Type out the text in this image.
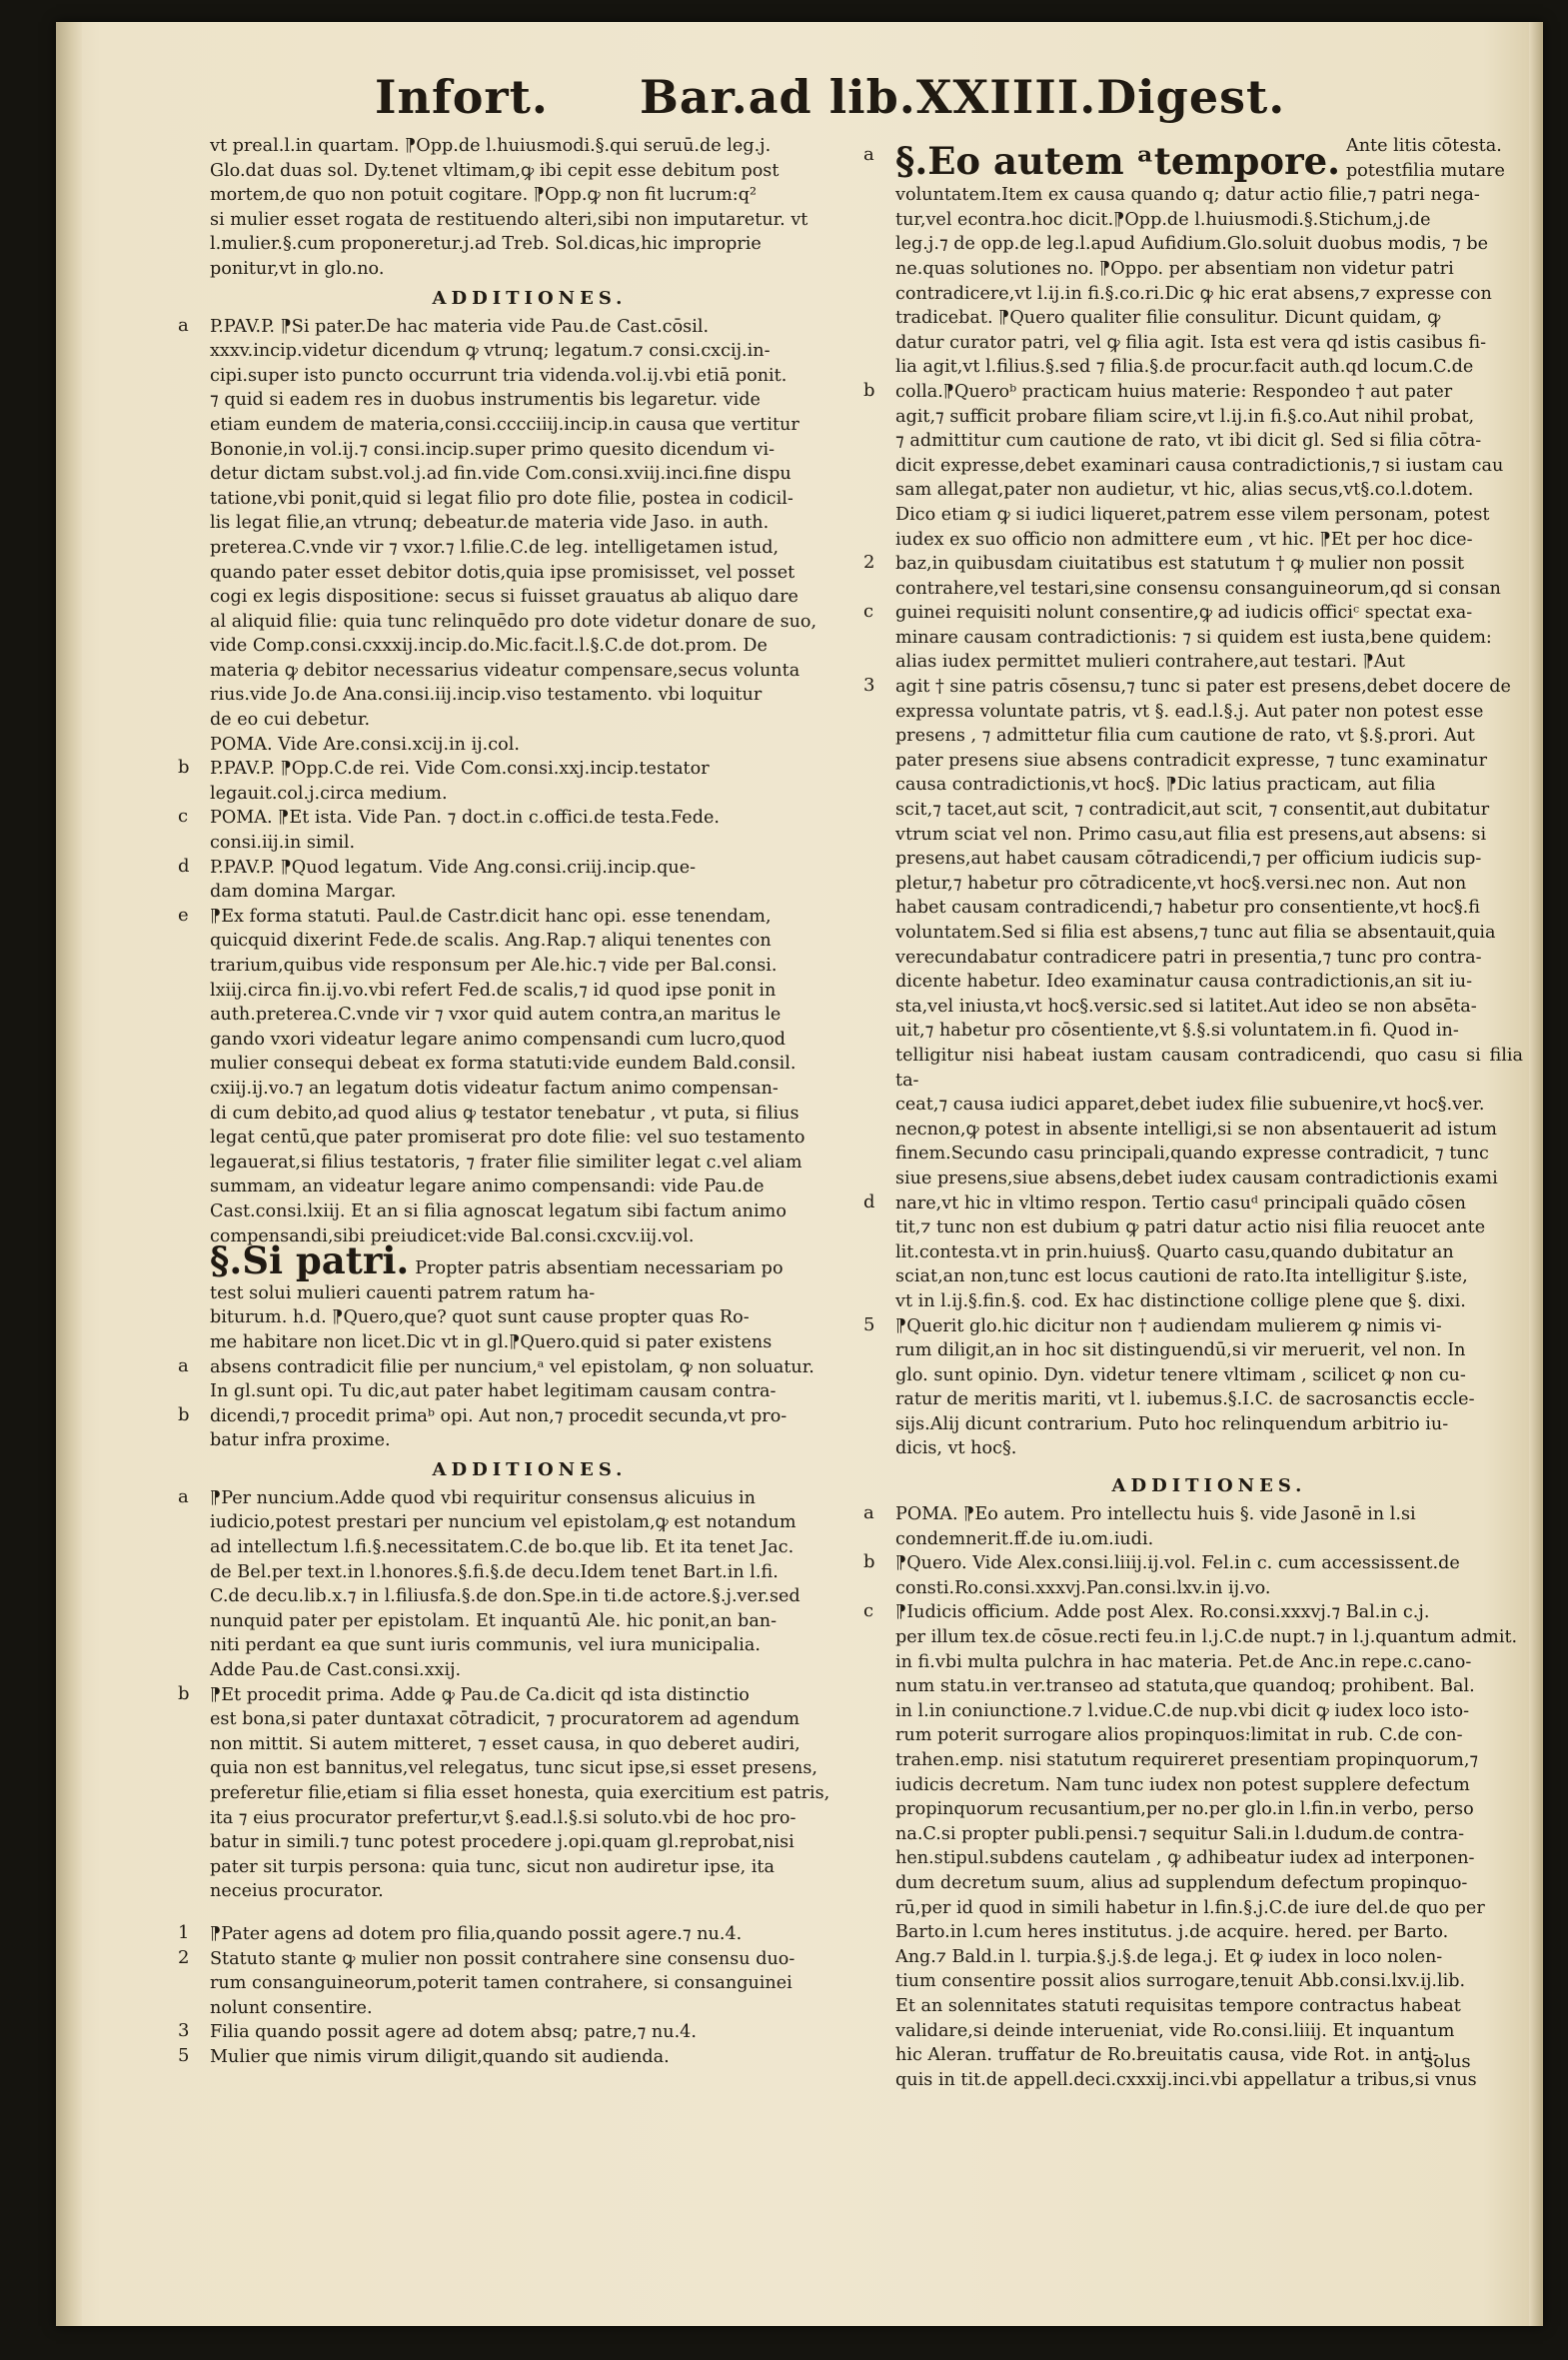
Infort. Bar.ad lib.XXIIII.Digest.

vt preal.l.in quartam. ⁋Opp.de l.huiusmodi.§.qui seruū.de leg.j.

Glo.dat duas sol. Dy.tenet vltimam,ꝙ ibi cepit esse debitum post

mortem,de quo non potuit cogitare. ⁋Opp.ꝙ non fit lucrum:q²

si mulier esset rogata de restituendo alteri,sibi non imputaretur. vt

l.mulier.§.cum proponeretur.j.ad Treb. Sol.dicas,hic improprie

ponitur,vt in glo.no.

ADDITIONES.
a P.PAV.P. ⁋Si pater.De hac materia vide Pau.de Cast.cōsil.

xxxv.incip.videtur dicendum ꝙ vtrunq; legatum.⁊ consi.cxcij.in-

cipi.super isto puncto occurrunt tria videnda.vol.ij.vbi etiā ponit.

⁊ quid si eadem res in duobus instrumentis bis legaretur. vide

etiam eundem de materia,consi.cccciiij.incip.in causa que vertitur

Bononie,in vol.ij.⁊ consi.incip.super primo quesito dicendum vi-

detur dictam subst.vol.j.ad fin.vide Com.consi.xviij.inci.fine dispu

tatione,vbi ponit,quid si legat filio pro dote filie, postea in codicil-

lis legat filie,an vtrunq; debeatur.de materia vide Jaso. in auth.

preterea.C.vnde vir ⁊ vxor.⁊ l.filie.C.de leg. intelligetamen istud,

quando pater esset debitor dotis,quia ipse promisisset, vel posset

cogi ex legis dispositione: secus si fuisset grauatus ab aliquo dare

al aliquid filie: quia tunc relinquēdo pro dote videtur donare de suo,

vide Comp.consi.cxxxij.incip.do.Mic.facit.l.§.C.de dot.prom. De

materia ꝙ debitor necessarius videatur compensare,secus volunta

rius.vide Jo.de Ana.consi.iij.incip.viso testamento. vbi loquitur

de eo cui debetur.

POMA. Vide Are.consi.xcij.in ij.col.

b P.PAV.P. ⁋Opp.C.de rei. Vide Com.consi.xxj.incip.testator

legauit.col.j.circa medium.

c POMA. ⁋Et ista. Vide Pan. ⁊ doct.in c.offici.de testa.Fede.

consi.iij.in simil.

d P.PAV.P. ⁋Quod legatum. Vide Ang.consi.criij.incip.que-

dam domina Margar.

e ⁋Ex forma statuti. Paul.de Castr.dicit hanc opi. esse tenendam,

quicquid dixerint Fede.de scalis. Ang.Rap.⁊ aliqui tenentes con

trarium,quibus vide responsum per Ale.hic.⁊ vide per Bal.consi.

lxiij.circa fin.ij.vo.vbi refert Fed.de scalis,⁊ id quod ipse ponit in

auth.preterea.C.vnde vir ⁊ vxor quid autem contra,an maritus le

gando vxori videatur legare animo compensandi cum lucro,quod

mulier consequi debeat ex forma statuti:vide eundem Bald.consil.

cxiij.ij.vo.⁊ an legatum dotis videatur factum animo compensan-

di cum debito,ad quod alius ꝙ testator tenebatur , vt puta, si filius

legat centū,que pater promiserat pro dote filie: vel suo testamento

legauerat,si filius testatoris, ⁊ frater filie similiter legat c.vel aliam

summam, an videatur legare animo compensandi: vide Pau.de

Cast.consi.lxiij. Et an si filia agnoscat legatum sibi factum animo

compensandi,sibi preiudicet:vide Bal.consi.cxcv.iij.vol.

§.Si patri. Propter patris absentiam necessariam po

test solui mulieri cauenti patrem ratum ha-

biturum. h.d. ⁋Quero,que? quot sunt cause propter quas Ro-

me habitare non licet.Dic vt in gl.⁋Quero.quid si pater existens

a absens contradicit filie per nuncium,ᵃ vel epistolam, ꝙ non soluatur.

In gl.sunt opi. Tu dic,aut pater habet legitimam causam contra-

b dicendi,⁊ procedit primaᵇ opi. Aut non,⁊ procedit secunda,vt pro-

batur infra proxime.

ADDITIONES.
a ⁋Per nuncium.Adde quod vbi requiritur consensus alicuius in

iudicio,potest prestari per nuncium vel epistolam,ꝙ est notandum

ad intellectum l.fi.§.necessitatem.C.de bo.que lib. Et ita tenet Jac.

de Bel.per text.in l.honores.§.fi.§.de decu.Idem tenet Bart.in l.fi.

C.de decu.lib.x.⁊ in l.filiusfa.§.de don.Spe.in ti.de actore.§.j.ver.sed

nunquid pater per epistolam. Et inquantū Ale. hic ponit,an ban-

niti perdant ea que sunt iuris communis, vel iura municipalia.

Adde Pau.de Cast.consi.xxij.

b ⁋Et procedit prima. Adde ꝙ Pau.de Ca.dicit qd ista distinctio

est bona,si pater duntaxat cōtradicit, ⁊ procuratorem ad agendum

non mittit. Si autem mitteret, ⁊ esset causa, in quo deberet audiri,

quia non est bannitus,vel relegatus, tunc sicut ipse,si esset presens,

preferetur filie,etiam si filia esset honesta, quia exercitium est patris,

ita ⁊ eius procurator prefertur,vt §.ead.l.§.si soluto.vbi de hoc pro-

batur in simili.⁊ tunc potest procedere j.opi.quam gl.reprobat,nisi

pater sit turpis persona: quia tunc, sicut non audiretur ipse, ita

neceius procurator.

1 ⁋Pater agens ad dotem pro filia,quando possit agere.⁊ nu.4.

2 Statuto stante ꝙ mulier non possit contrahere sine consensu duo-

rum consanguineorum,poterit tamen contrahere, si consanguinei

nolunt consentire.

3 Filia quando possit agere ad dotem absq; patre,⁊ nu.4.

5 Mulier que nimis virum diligit,quando sit audienda.

a §.Eo autem ᵃtempore. Ante litis cōtesta.

potestfilia mutare

voluntatem.Item ex causa quando q; datur actio filie,⁊ patri nega-

tur,vel econtra.hoc dicit.⁋Opp.de l.huiusmodi.§.Stichum,j.de

leg.j.⁊ de opp.de leg.l.apud Aufidium.Glo.soluit duobus modis, ⁊ be

ne.quas solutiones no. ⁋Oppo. per absentiam non videtur patri

contradicere,vt l.ij.in fi.§.co.ri.Dic ꝙ hic erat absens,⁊ expresse con

tradicebat. ⁋Quero qualiter filie consulitur. Dicunt quidam, ꝙ

datur curator patri, vel ꝙ filia agit. Ista est vera qd istis casibus fi-

lia agit,vt l.filius.§.sed ⁊ filia.§.de procur.facit auth.qd locum.C.de

b colla.⁋Queroᵇ practicam huius materie: Respondeo † aut pater

agit,⁊ sufficit probare filiam scire,vt l.ij.in fi.§.co.Aut nihil probat,

⁊ admittitur cum cautione de rato, vt ibi dicit gl. Sed si filia cōtra-

dicit expresse,debet examinari causa contradictionis,⁊ si iustam cau

sam allegat,pater non audietur, vt hic, alias secus,vt§.co.l.dotem.

Dico etiam ꝙ si iudici liqueret,patrem esse vilem personam, potest

iudex ex suo officio non admittere eum , vt hic. ⁋Et per hoc dice-

2 baz,in quibusdam ciuitatibus est statutum † ꝙ mulier non possit

contrahere,vel testari,sine consensu consanguineorum,qd si consan

c guinei requisiti nolunt consentire,ꝙ ad iudicis officiᶜ spectat exa-

minare causam contradictionis: ⁊ si quidem est iusta,bene quidem:

alias iudex permittet mulieri contrahere,aut testari. ⁋Aut

3 agit † sine patris cōsensu,⁊ tunc si pater est presens,debet docere de

expressa voluntate patris, vt §. ead.l.§.j. Aut pater non potest esse

presens , ⁊ admittetur filia cum cautione de rato, vt §.§.prori. Aut

pater presens siue absens contradicit expresse, ⁊ tunc examinatur

causa contradictionis,vt hoc§. ⁋Dic latius practicam, aut filia

scit,⁊ tacet,aut scit, ⁊ contradicit,aut scit, ⁊ consentit,aut dubitatur

vtrum sciat vel non. Primo casu,aut filia est presens,aut absens: si

presens,aut habet causam cōtradicendi,⁊ per officium iudicis sup-

pletur,⁊ habetur pro cōtradicente,vt hoc§.versi.nec non. Aut non

habet causam contradicendi,⁊ habetur pro consentiente,vt hoc§.fi

voluntatem.Sed si filia est absens,⁊ tunc aut filia se absentauit,quia

verecundabatur contradicere patri in presentia,⁊ tunc pro contra-

dicente habetur. Ideo examinatur causa contradictionis,an sit iu-

sta,vel iniusta,vt hoc§.versic.sed si latitet.Aut ideo se non absēta-

uit,⁊ habetur pro cōsentiente,vt §.§.si voluntatem.in fi. Quod in-

telligitur nisi habeat iustam causam contradicendi, quo casu si filia ta-

ceat,⁊ causa iudici apparet,debet iudex filie subuenire,vt hoc§.ver.

necnon,ꝙ potest in absente intelligi,si se non absentauerit ad istum

finem.Secundo casu principali,quando expresse contradicit, ⁊ tunc

siue presens,siue absens,debet iudex causam contradictionis exami

d nare,vt hic in vltimo respon. Tertio casuᵈ principali quādo cōsen

tit,⁊ tunc non est dubium ꝙ patri datur actio nisi filia reuocet ante

lit.contesta.vt in prin.huius§. Quarto casu,quando dubitatur an

sciat,an non,tunc est locus cautioni de rato.Ita intelligitur §.iste,

vt in l.ij.§.fin.§. cod. Ex hac distinctione collige plene que §. dixi.

5 ⁋Querit glo.hic dicitur non † audiendam mulierem ꝙ nimis vi-

rum diligit,an in hoc sit distinguendū,si vir meruerit, vel non. In

glo. sunt opinio. Dyn. videtur tenere vltimam , scilicet ꝙ non cu-

ratur de meritis mariti, vt l. iubemus.§.I.C. de sacrosanctis eccle-

sijs.Alij dicunt contrarium. Puto hoc relinquendum arbitrio iu-

dicis, vt hoc§.

ADDITIONES.
a POMA. ⁋Eo autem. Pro intellectu huis §. vide Jasonē in l.si

condemnerit.ff.de iu.om.iudi.

b ⁋Quero. Vide Alex.consi.liiij.ij.vol. Fel.in c. cum accessissent.de

consti.Ro.consi.xxxvj.Pan.consi.lxv.in ij.vo.

c ⁋Iudicis officium. Adde post Alex. Ro.consi.xxxvj.⁊ Bal.in c.j.

per illum tex.de cōsue.recti feu.in l.j.C.de nupt.⁊ in l.j.quantum admit.

in fi.vbi multa pulchra in hac materia. Pet.de Anc.in repe.c.cano-

num statu.in ver.transeo ad statuta,que quandoq; prohibent. Bal.

in l.in coniunctione.⁊ l.vidue.C.de nup.vbi dicit ꝙ iudex loco isto-

rum poterit surrogare alios propinquos:limitat in rub. C.de con-

trahen.emp. nisi statutum requireret presentiam propinquorum,⁊

iudicis decretum. Nam tunc iudex non potest supplere defectum

propinquorum recusantium,per no.per glo.in l.fin.in verbo, perso

na.C.si propter publi.pensi.⁊ sequitur Sali.in l.dudum.de contra-

hen.stipul.subdens cautelam , ꝙ adhibeatur iudex ad interponen-

dum decretum suum, alius ad supplendum defectum propinquo-

rū,per id quod in simili habetur in l.fin.§.j.C.de iure del.de quo per

Barto.in l.cum heres institutus. j.de acquire. hered. per Barto.

Ang.⁊ Bald.in l. turpia.§.j.§.de lega.j. Et ꝙ iudex in loco nolen-

tium consentire possit alios surrogare,tenuit Abb.consi.lxv.ij.lib.

Et an solennitates statuti requisitas tempore contractus habeat

validare,si deinde interueniat, vide Ro.consi.liiij. Et inquantum

hic Aleran. truffatur de Ro.breuitatis causa, vide Rot. in anti-

quis in tit.de appell.deci.cxxxij.inci.vbi appellatur a tribus,si vnus

solus
